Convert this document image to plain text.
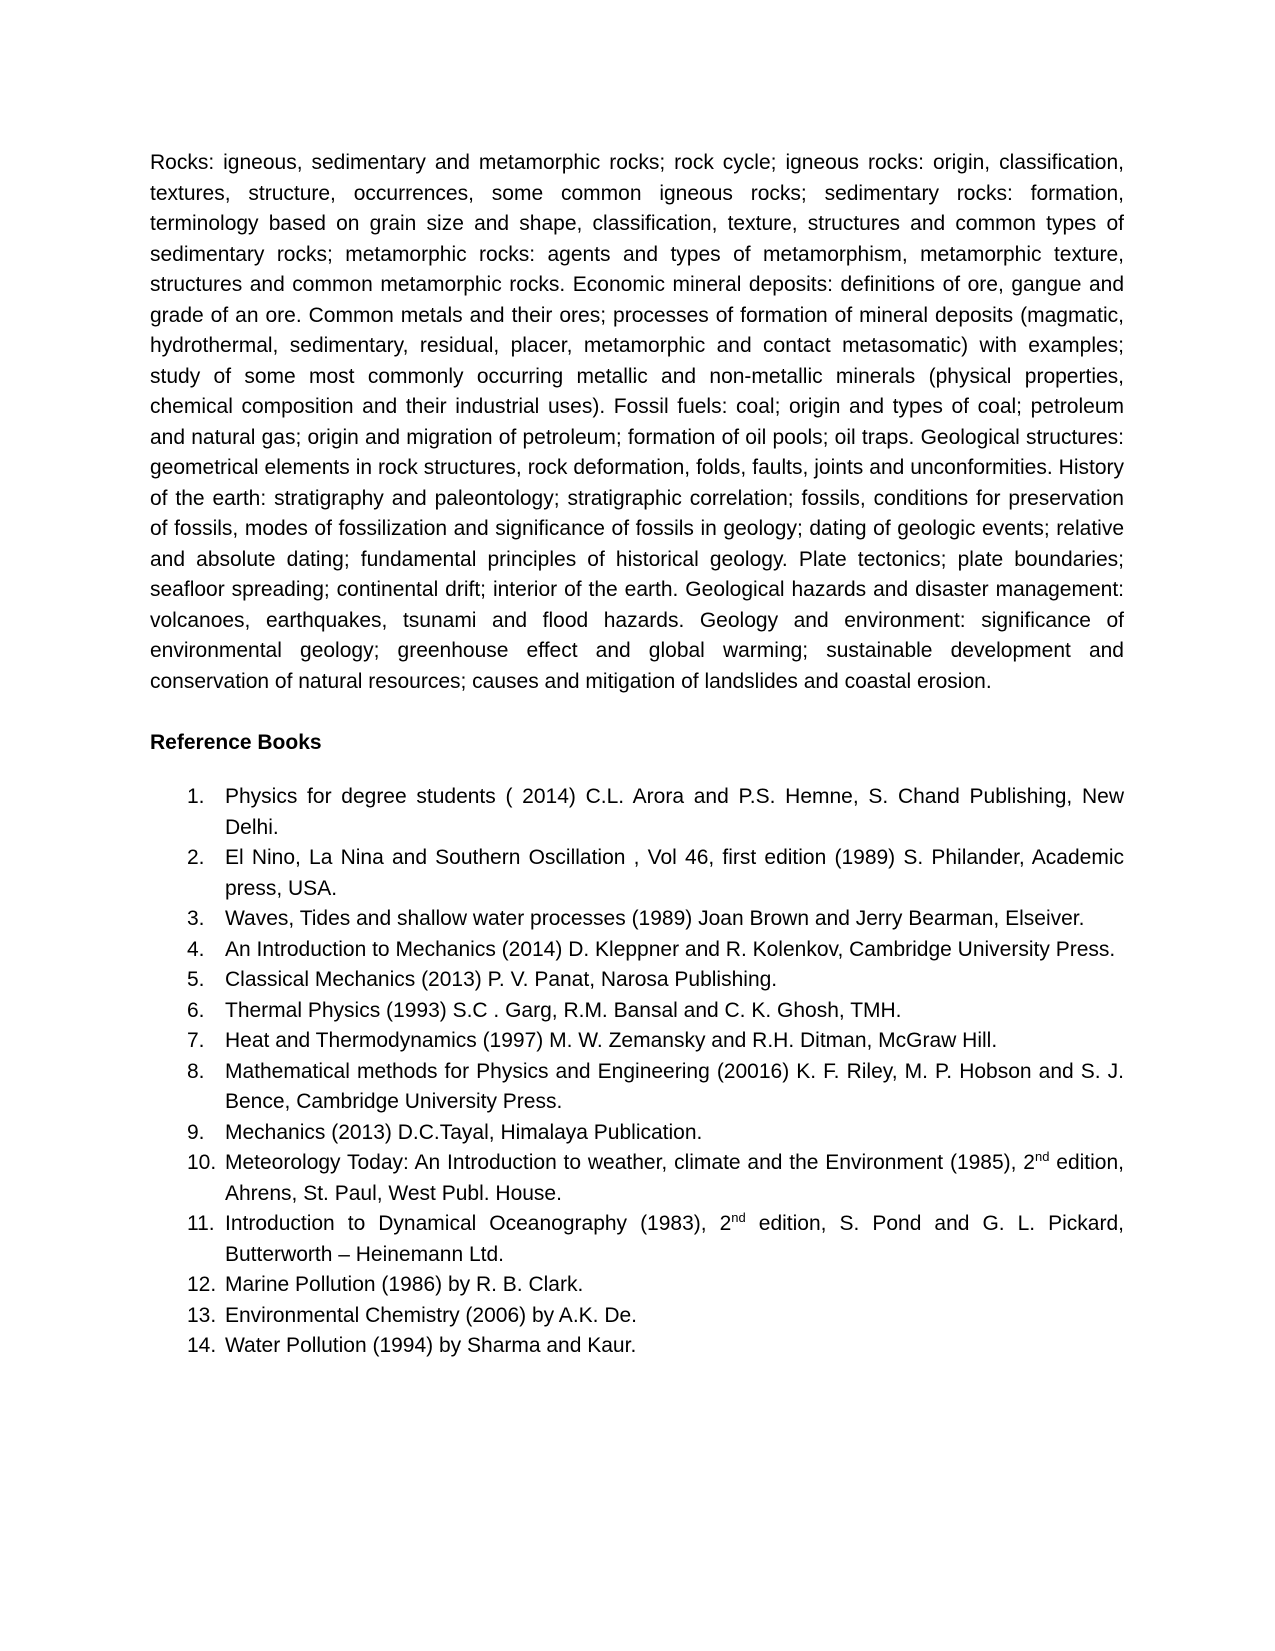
Rocks: igneous, sedimentary and metamorphic rocks; rock cycle; igneous rocks: origin, classification, textures, structure, occurrences, some common igneous rocks; sedimentary rocks: formation, terminology based on grain size and shape, classification, texture, structures and common types of sedimentary rocks; metamorphic rocks: agents and types of metamorphism, metamorphic texture, structures and common metamorphic rocks. Economic mineral deposits: definitions of ore, gangue and grade of an ore. Common metals and their ores; processes of formation of mineral deposits (magmatic, hydrothermal, sedimentary, residual, placer, metamorphic and contact metasomatic) with examples; study of some most commonly occurring metallic and non-metallic minerals (physical properties, chemical composition and their industrial uses). Fossil fuels: coal; origin and types of coal; petroleum and natural gas; origin and migration of petroleum; formation of oil pools; oil traps. Geological structures: geometrical elements in rock structures, rock deformation, folds, faults, joints and unconformities. History of the earth: stratigraphy and paleontology; stratigraphic correlation; fossils, conditions for preservation of fossils, modes of fossilization and significance of fossils in geology; dating of geologic events; relative and absolute dating; fundamental principles of historical geology. Plate tectonics; plate boundaries; seafloor spreading; continental drift; interior of the earth. Geological hazards and disaster management: volcanoes, earthquakes, tsunami and flood hazards. Geology and environment: significance of environmental geology; greenhouse effect and global warming; sustainable development and conservation of natural resources; causes and mitigation of landslides and coastal erosion.

Reference Books
1. Physics for degree students ( 2014) C.L. Arora and P.S. Hemne, S. Chand Publishing, New Delhi.
2. El Nino, La Nina and Southern Oscillation , Vol 46, first edition (1989) S. Philander, Academic press, USA.
3. Waves, Tides and shallow water processes (1989) Joan Brown and Jerry Bearman, Elseiver.
4. An Introduction to Mechanics (2014) D. Kleppner and R. Kolenkov, Cambridge University Press.
5. Classical Mechanics (2013) P. V. Panat, Narosa Publishing.
6. Thermal Physics (1993) S.C . Garg, R.M. Bansal and C. K. Ghosh, TMH.
7. Heat and Thermodynamics (1997) M. W. Zemansky and R.H. Ditman, McGraw Hill.
8. Mathematical methods for Physics and Engineering (20016) K. F. Riley, M. P. Hobson and S. J. Bence, Cambridge University Press.
9. Mechanics (2013) D.C.Tayal, Himalaya Publication.
10. Meteorology Today: An Introduction to weather, climate and the Environment (1985), 2nd edition, Ahrens, St. Paul, West Publ. House.
11. Introduction to Dynamical Oceanography (1983), 2nd edition, S. Pond and G. L. Pickard, Butterworth – Heinemann Ltd.
12. Marine Pollution (1986) by R. B. Clark.
13. Environmental Chemistry (2006) by A.K. De.
14. Water Pollution (1994) by Sharma and Kaur.
